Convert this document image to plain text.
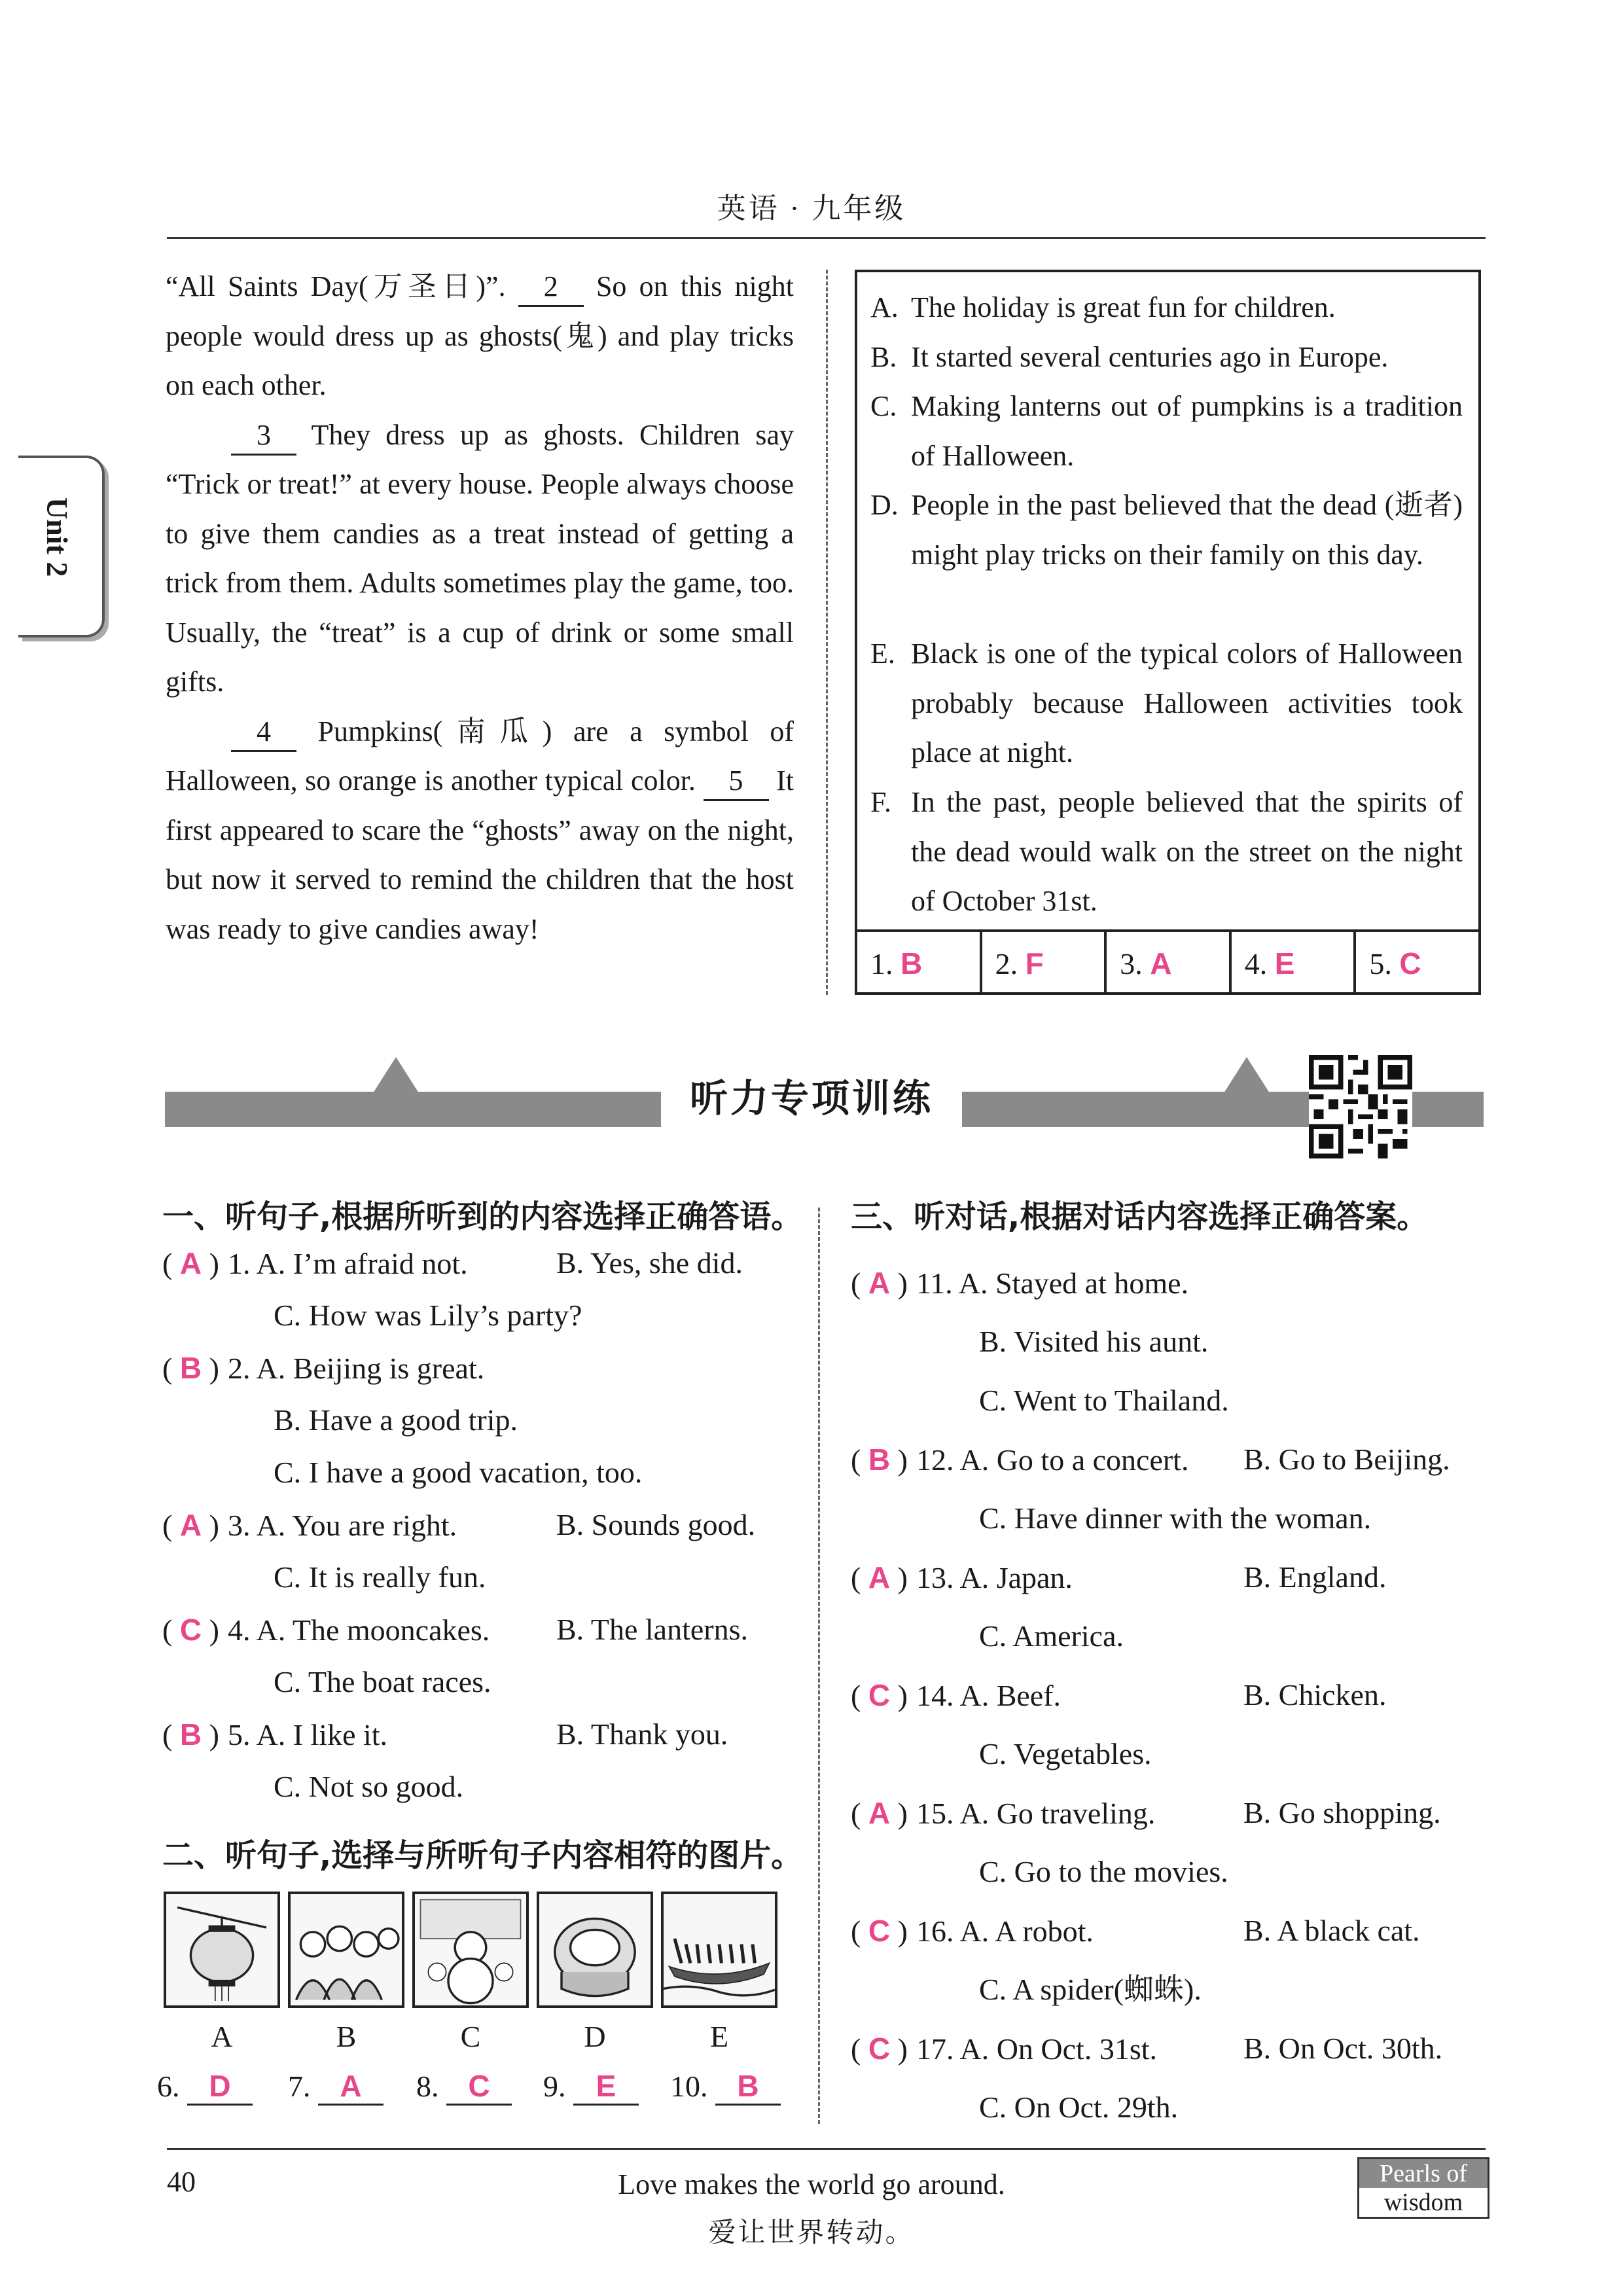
英语 · 九年级
Unit 2

“All Saints Day(万圣日)”. 2 So on this night people would dress up as ghosts(鬼) and play tricks on each other.

3 They dress up as ghosts. Children say “Trick or treat!” at every house. People always choose to give them candies as a treat instead of getting a trick from them. Adults sometimes play the game, too. Usually, the “treat” is a cup of drink or some small gifts.

4 Pumpkins(南瓜) are a symbol of Halloween, so orange is another typical color. 5 It first appeared to scare the “ghosts” away on the night, but now it served to remind the children that the host was ready to give candies away!

A. The holiday is great fun for children.
B. It started several centuries ago in Europe.
C. Making lanterns out of pumpkins is a tradition of Halloween.
D. People in the past believed that the dead (逝者) might play tricks on their family on this day.
E. Black is one of the typical colors of Halloween probably because Halloween activities took place at night.
F. In the past, people believed that the spirits of the dead would walk on the street on the night of October 31st.
1. B	2. F	3. A	4. E	5. C
听力专项训练
一、听句子,根据所听到的内容选择正确答语。
( A ) 1. A. I’m afraid not.	B. Yes, she did.
C. How was Lily’s party?
( B ) 2. A. Beijing is great.
B. Have a good trip.
C. I have a good vacation, too.
( A ) 3. A. You are right.	B. Sounds good.
C. It is really fun.
( C ) 4. A. The mooncakes. B. The lanterns.
C. The boat races.
( B ) 5. A. I like it.	B. Thank you.
C. Not so good.
二、听句子,选择与所听句子内容相符的图片。
A	B	C	D	E
6. D	7. A	8. C	9. E	10. B
三、听对话,根据对话内容选择正确答案。
( A ) 11. A. Stayed at home.
B. Visited his aunt.
C. Went to Thailand.
( B ) 12. A. Go to a concert. B. Go to Beijing.
C. Have dinner with the woman.
( A ) 13. A. Japan.	B. England.
C. America.
( C ) 14. A. Beef.	B. Chicken.
C. Vegetables.
( A ) 15. A. Go traveling.	B. Go shopping.
C. Go to the movies.
( C ) 16. A. A robot.	B. A black cat.
C. A spider(蜘蛛).
( C ) 17. A. On Oct. 31st.	B. On Oct. 30th.
C. On Oct. 29th.
40	Love makes the world go around.
爱让世界转动。
Pearls of
wisdom
